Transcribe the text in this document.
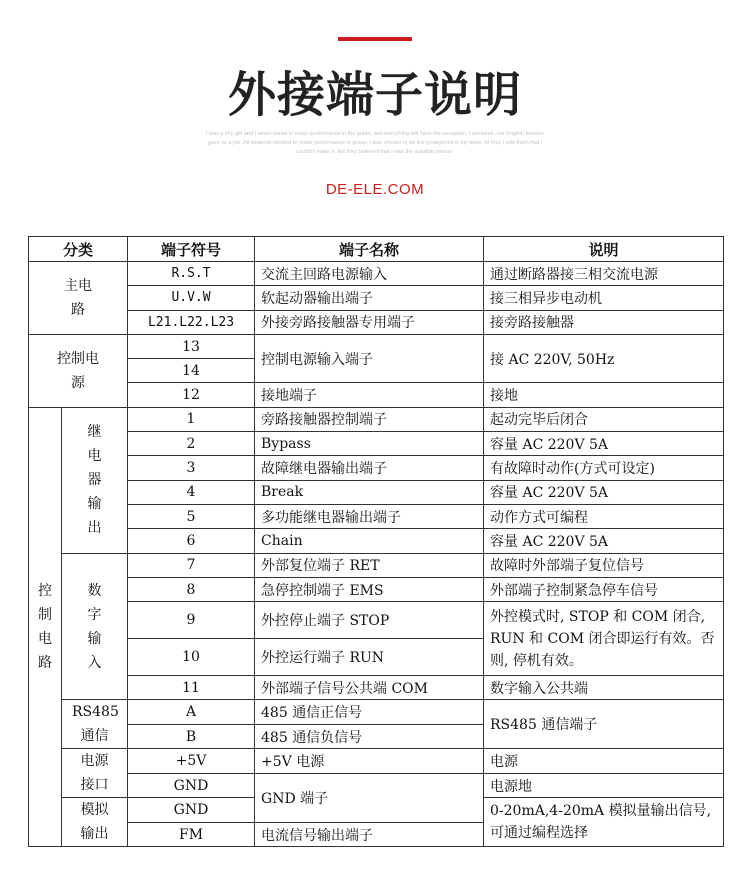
外接端子说明
I was a shy girl and I never dared to make performance in the public, but everything will have the exception. Last week, our English teacher gave us a job. All students needed to make performance in group. I was chosen to be the protagonist in my team. At first, I told them that I couldn't make it, but they believed that I was the suitable person.
DE-ELE.COM
分类		端子符号	端子名称	说明
主电路		R.S.T	交流主回路电源输入	通过断路器接三相交流电源
		U.V.W	软起动器输出端子	接三相异步电动机
		L21.L22.L23	外接旁路接触器专用端子	接旁路接触器
控制电源		13	控制电源输入端子	接 AC 220V, 50Hz
		14		
		12	接地端子	接地
控制电路	继电器输出	1	旁路接触器控制端子	起动完毕后闭合
		2	Bypass	容量 AC 220V 5A
		3	故障继电器输出端子	有故障时动作(方式可设定)
		4	Break	容量 AC 220V 5A
		5	多功能继电器输出端子	动作方式可编程
		6	Chain	容量 AC 220V 5A
	数字输入	7	外部复位端子 RET	故障时外部端子复位信号
		8	急停控制端子 EMS	外部端子控制紧急停车信号
		9	外控停止端子 STOP	外控模式时, STOP 和 COM 闭合, RUN 和 COM 闭合即运行有效。否则, 停机有效。
		10	外控运行端子 RUN	
		11	外部端子信号公共端 COM	数字输入公共端
	RS485通信	A	485 通信正信号	RS485 通信端子
		B	485 通信负信号	
	电源接口	+5V	+5V 电源	电源
		GND	GND 端子	电源地
	模拟输出	GND		0-20mA,4-20mA 模拟量输出信号,可通过编程选择
		FM	电流信号输出端子	
